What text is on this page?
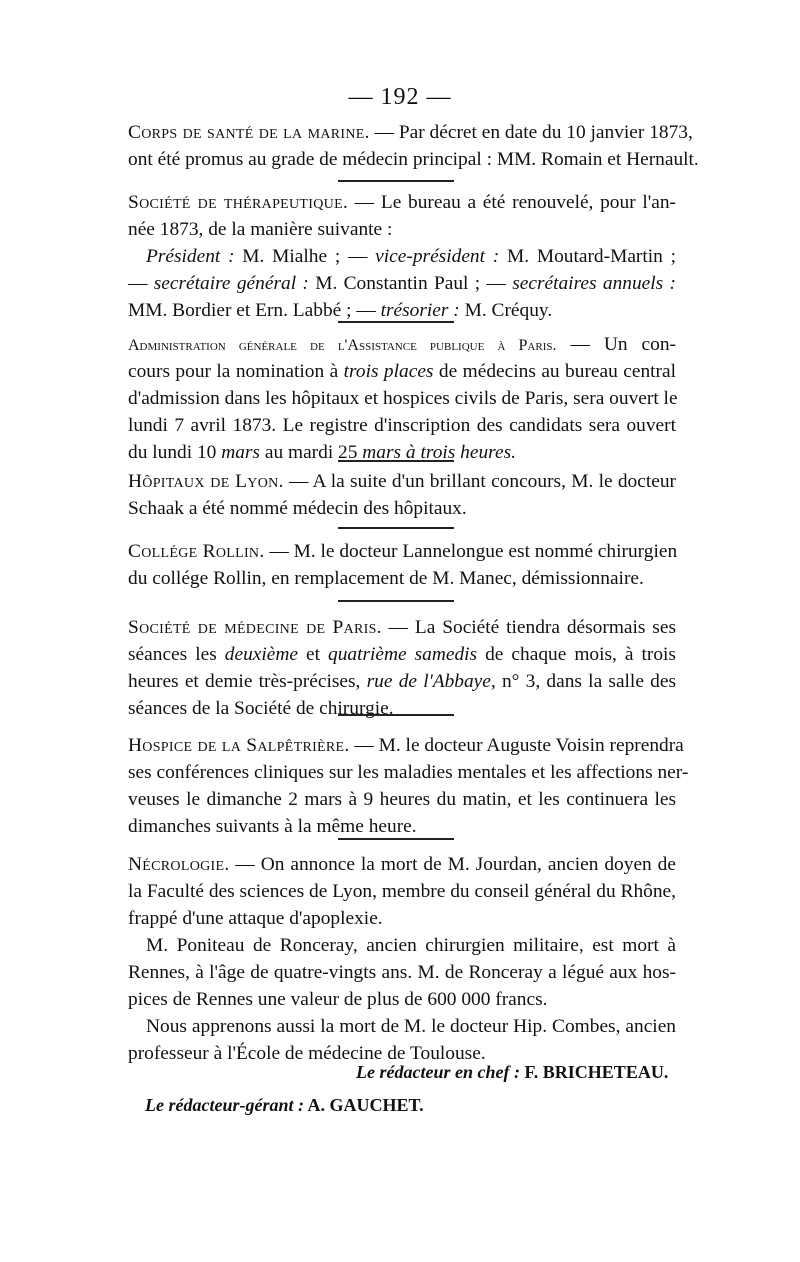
— 192 —
Corps de santé de la marine. — Par décret en date du 10 janvier 1873,
ont été promus au grade de médecin principal : MM. Romain et Hernault.
Société de thérapeutique. — Le bureau a été renouvelé, pour l'an-
née 1873, de la manière suivante :
Président : M. Mialhe ; — vice-président : M. Moutard-Martin ;
— secrétaire général : M. Constantin Paul ; — secrétaires annuels :
MM. Bordier et Ern. Labbé ; — trésorier : M. Créquy.
Administration générale de l'Assistance publique à Paris. — Un con-
cours pour la nomination à trois places de médecins au bureau central
d'admission dans les hôpitaux et hospices civils de Paris, sera ouvert le
lundi 7 avril 1873. Le registre d'inscription des candidats sera ouvert
du lundi 10 mars au mardi 25 mars à trois heures.
Hôpitaux de Lyon. — A la suite d'un brillant concours, M. le docteur
Schaak a été nommé médecin des hôpitaux.
Collége Rollin. — M. le docteur Lannelongue est nommé chirurgien
du collége Rollin, en remplacement de M. Manec, démissionnaire.
Société de médecine de Paris. — La Société tiendra désormais ses
séances les deuxième et quatrième samedis de chaque mois, à trois
heures et demie très-précises, rue de l'Abbaye, n° 3, dans la salle des
séances de la Société de chirurgie.
Hospice de la Salpêtrière. — M. le docteur Auguste Voisin reprendra
ses conférences cliniques sur les maladies mentales et les affections ner-
veuses le dimanche 2 mars à 9 heures du matin, et les continuera les
dimanches suivants à la même heure.
Nécrologie. — On annonce la mort de M. Jourdan, ancien doyen de
la Faculté des sciences de Lyon, membre du conseil général du Rhône,
frappé d'une attaque d'apoplexie.
M. Poniteau de Ronceray, ancien chirurgien militaire, est mort à
Rennes, à l'âge de quatre-vingts ans. M. de Ronceray a légué aux hos-
pices de Rennes une valeur de plus de 600 000 francs.
Nous apprenons aussi la mort de M. le docteur Hip. Combes, ancien
professeur à l'École de médecine de Toulouse.
Le rédacteur en chef : F. BRICHETEAU.
Le rédacteur-gérant : A. GAUCHET.
